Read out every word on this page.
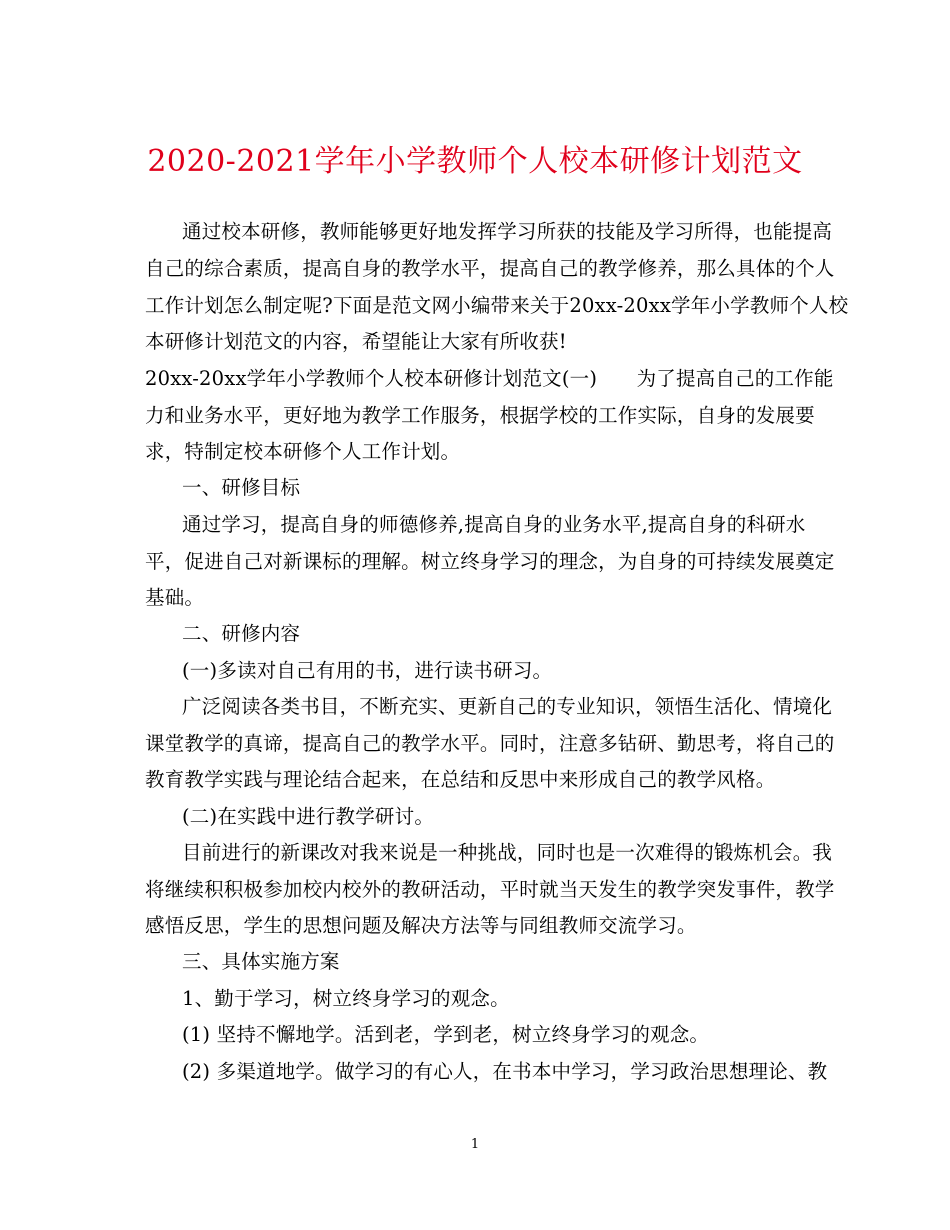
2020-2021学年小学教师个人校本研修计划范文
通过校本研修，教师能够更好地发挥学习所获的技能及学习所得，也能提高
自己的综合素质，提高自身的教学水平，提高自己的教学修养，那么具体的个人
工作计划怎么制定呢?下面是范文网小编带来关于20xx-20xx学年小学教师个人校
本研修计划范文的内容，希望能让大家有所收获!
20xx-20xx学年小学教师个人校本研修计划范文(一)　　为了提高自己的工作能
力和业务水平，更好地为教学工作服务，根据学校的工作实际，自身的发展要
求，特制定校本研修个人工作计划。
一、研修目标
通过学习，提高自身的师德修养,提高自身的业务水平,提高自身的科研水
平，促进自己对新课标的理解。树立终身学习的理念，为自身的可持续发展奠定
基础。
二、研修内容
(一)多读对自己有用的书，进行读书研习。
广泛阅读各类书目，不断充实、更新自己的专业知识，领悟生活化、情境化
课堂教学的真谛，提高自己的教学水平。同时，注意多钻研、勤思考，将自己的
教育教学实践与理论结合起来，在总结和反思中来形成自己的教学风格。
(二)在实践中进行教学研讨。
目前进行的新课改对我来说是一种挑战，同时也是一次难得的锻炼机会。我
将继续积积极参加校内校外的教研活动，平时就当天发生的教学突发事件，教学
感悟反思，学生的思想问题及解决方法等与同组教师交流学习。
三、具体实施方案
1、勤于学习，树立终身学习的观念。
(1) 坚持不懈地学。活到老，学到老，树立终身学习的观念。
(2) 多渠道地学。做学习的有心人，在书本中学习，学习政治思想理论、教
1
